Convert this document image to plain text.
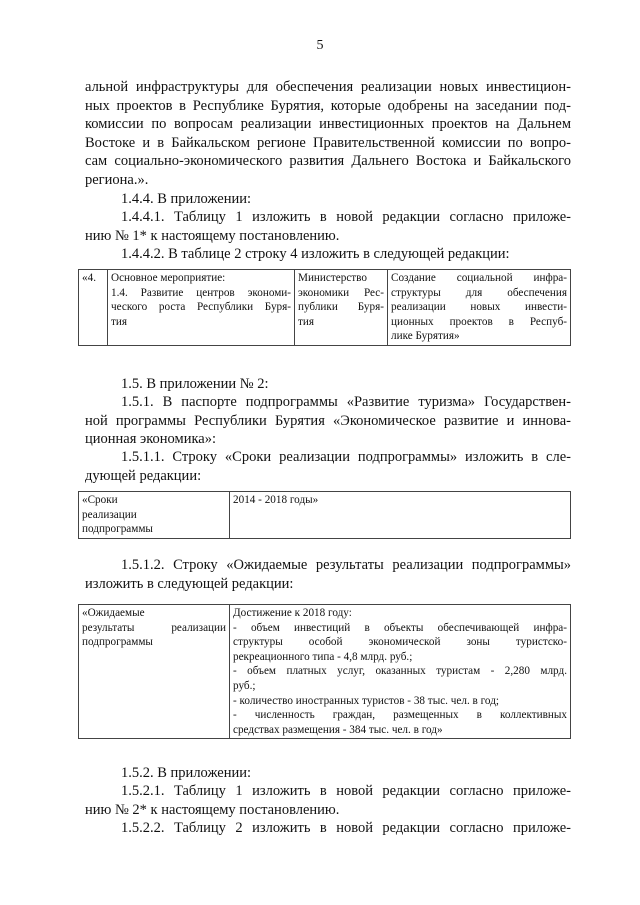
5
альной инфраструктуры для обеспечения реализации новых инвестицион-
ных проектов в Республике Бурятия, которые одобрены на заседании под-
комиссии по вопросам реализации инвестиционных проектов на Дальнем
Востоке и в Байкальском регионе Правительственной комиссии по вопро-
сам социально-экономического развития Дальнего Востока и Байкальского
региона.».
1.4.4. В приложении:
1.4.4.1. Таблицу 1 изложить в новой редакции согласно приложе-
нию № 1* к настоящему постановлению.
1.4.4.2. В таблице 2 строку 4 изложить в следующей редакции:
«4.	Основное мероприятие:
1.4. Развитие центров экономи-
ческого роста Республики Буря-
тия

Министерство
экономики Рес-
публики Буря-
тия

Создание социальной инфра-
структуры для обеспечения
реализации новых инвести-
ционных проектов в Респуб-
лике Бурятия»
1.5. В приложении № 2:
1.5.1. В паспорте подпрограммы «Развитие туризма» Государствен-
ной программы Республики Бурятия «Экономическое развитие и иннова-
ционная экономика»:
1.5.1.1. Строку «Сроки реализации подпрограммы» изложить в сле-
дующей редакции:
«Сроки
реализации
подпрограммы

2014 - 2018 годы»
1.5.1.2. Строку «Ожидаемые результаты реализации подпрограммы»
изложить в следующей редакции:
«Ожидаемые
результаты реализации
подпрограммы

Достижение к 2018 году:
- объем инвестиций в объекты обеспечивающей инфра-
структуры особой экономической зоны туристско-
рекреационного типа - 4,8 млрд. руб.;
- объем платных услуг, оказанных туристам - 2,280 млрд.
руб.;
- количество иностранных туристов - 38 тыс. чел. в год;
- численность граждан, размещенных в коллективных
средствах размещения - 384 тыс. чел. в год»
1.5.2. В приложении:
1.5.2.1. Таблицу 1 изложить в новой редакции согласно приложе-
нию № 2* к настоящему постановлению.
1.5.2.2. Таблицу 2 изложить в новой редакции согласно приложе-
